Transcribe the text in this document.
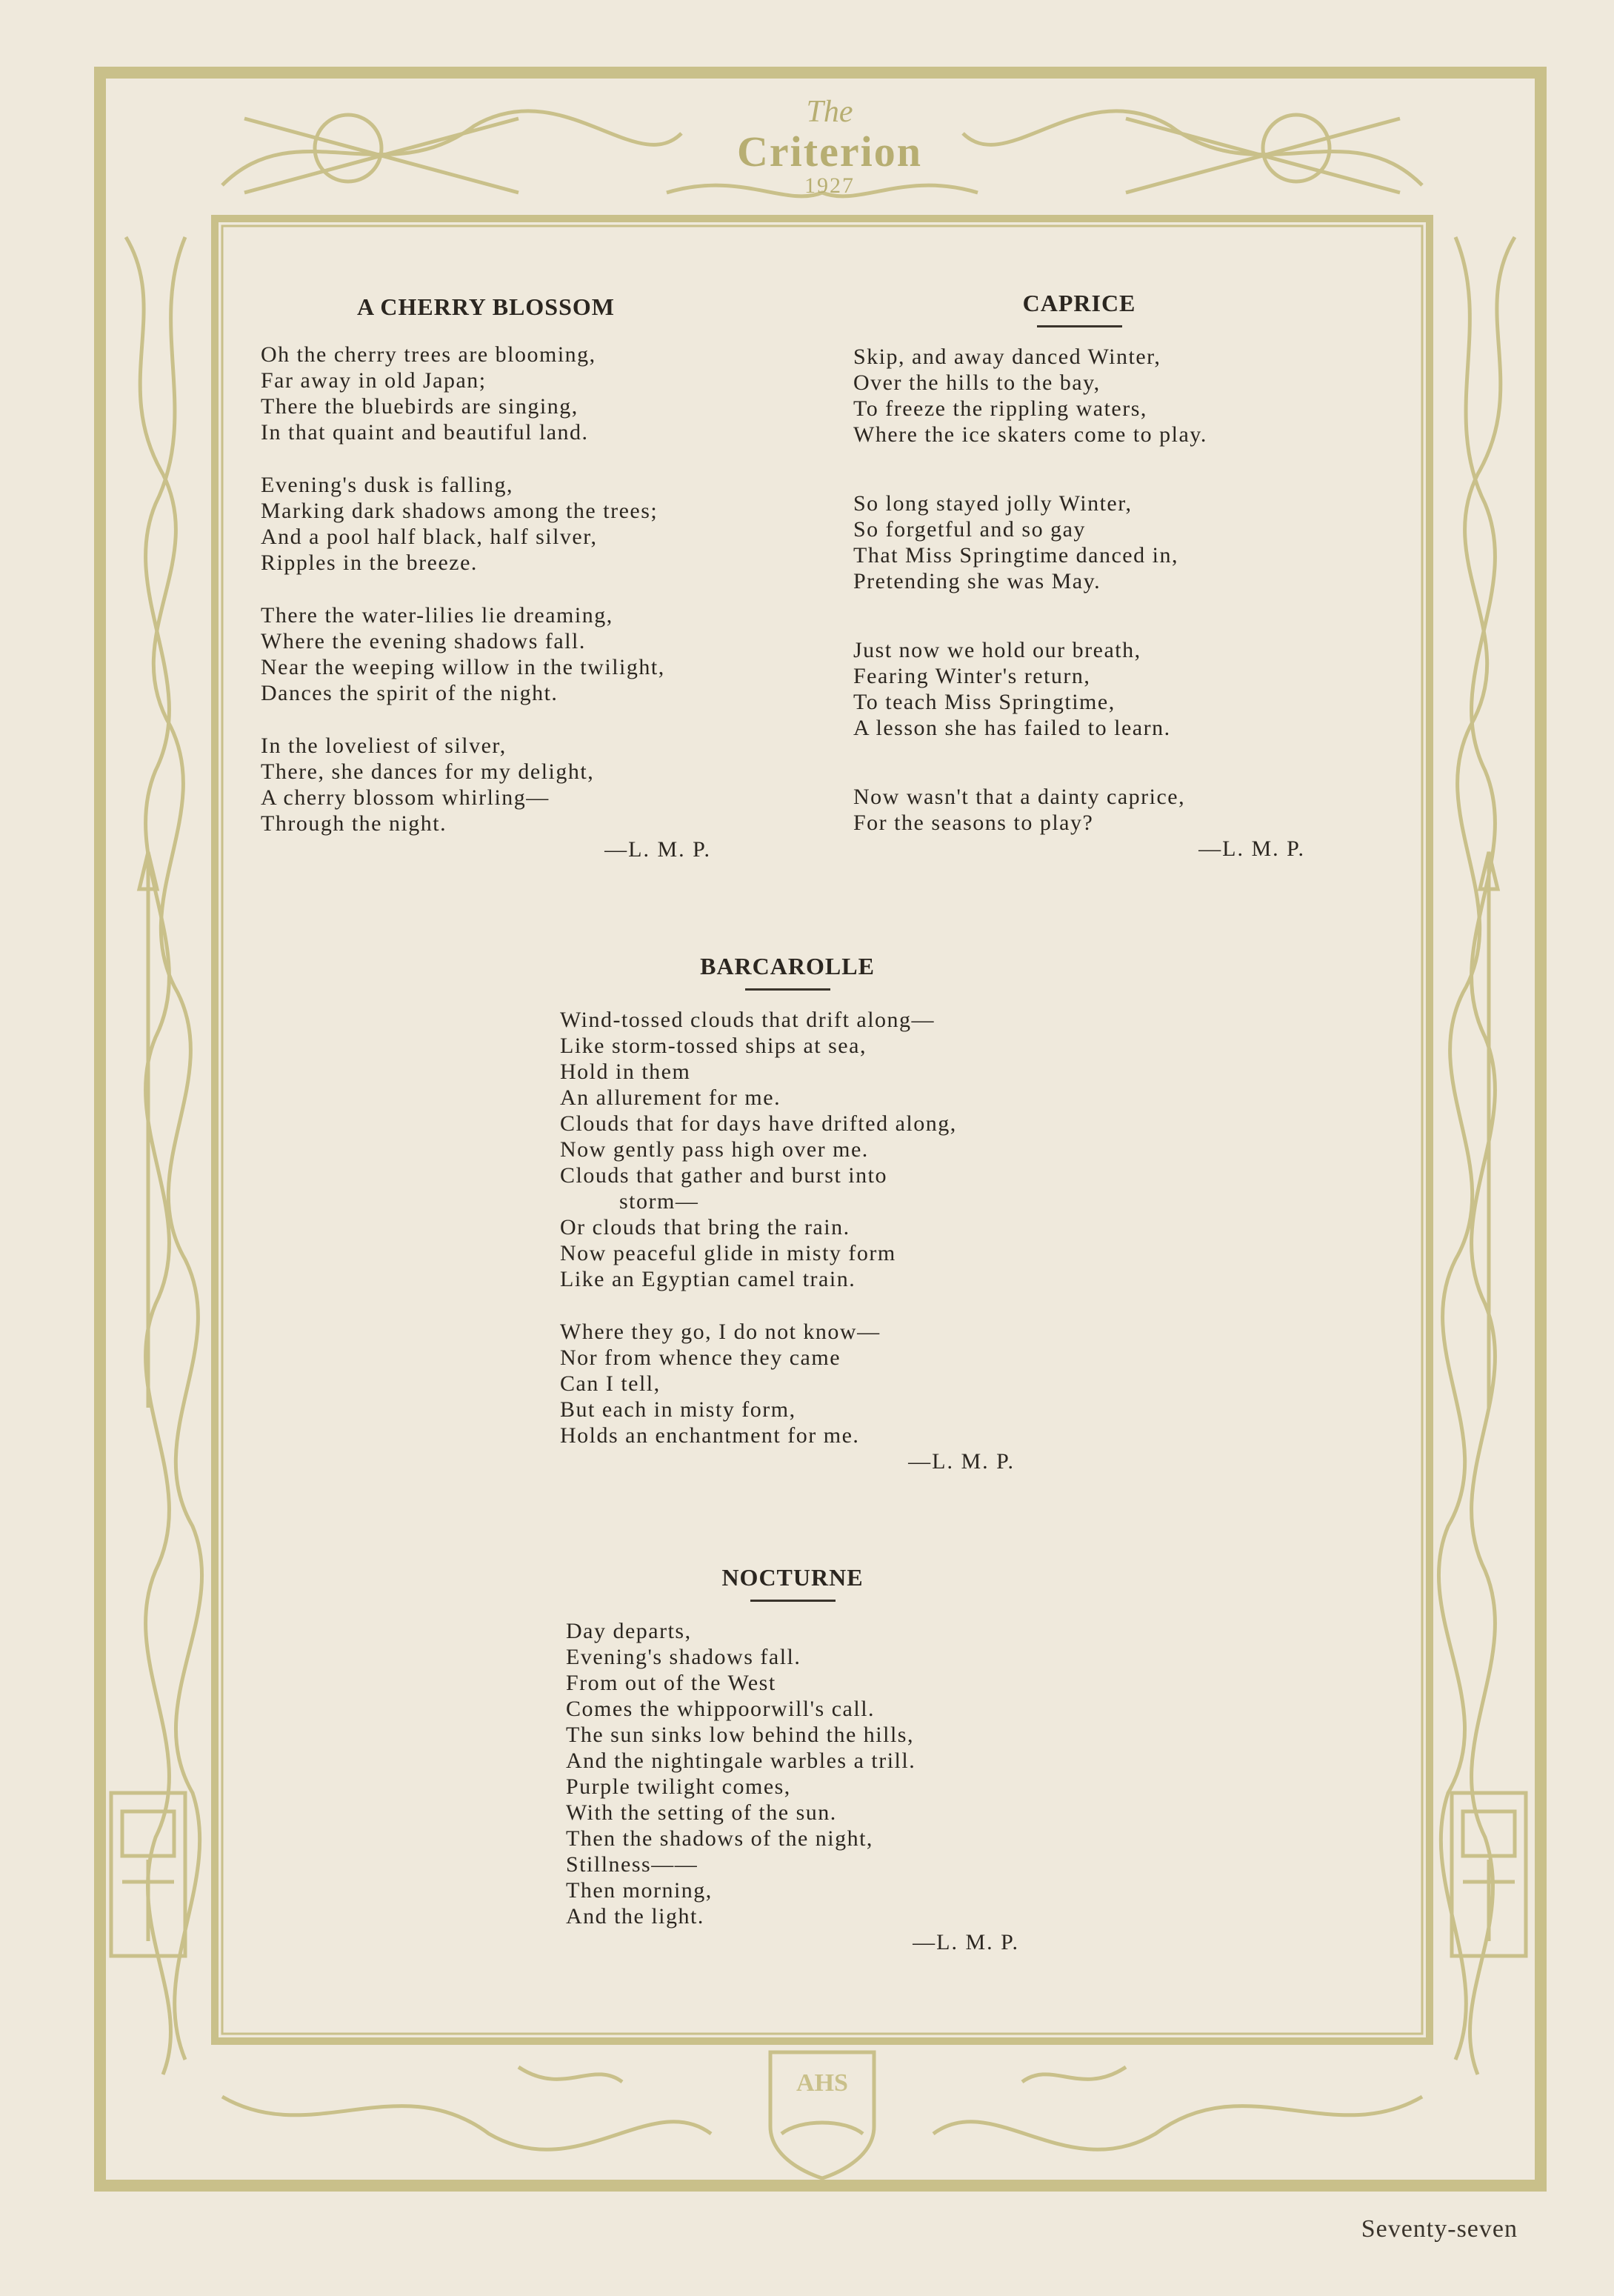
AHS
The
Criterion
1927
A CHERRY BLOSSOM
Oh the cherry trees are blooming,
Far away in old Japan;
There the bluebirds are singing,
In that quaint and beautiful land.
Evening's dusk is falling,
Marking dark shadows among the trees;
And a pool half black, half silver,
Ripples in the breeze.
There the water-lilies lie dreaming,
Where the evening shadows fall.
Near the weeping willow in the twilight,
Dances the spirit of the night.
In the loveliest of silver,
There, she dances for my delight,
A cherry blossom whirling—
Through the night.
—L. M. P.
CAPRICE
Skip, and away danced Winter,
Over the hills to the bay,
To freeze the rippling waters,
Where the ice skaters come to play.
So long stayed jolly Winter,
So forgetful and so gay
That Miss Springtime danced in,
Pretending she was May.
Just now we hold our breath,
Fearing Winter's return,
To teach Miss Springtime,
A lesson she has failed to learn.
Now wasn't that a dainty caprice,
For the seasons to play?
—L. M. P.
BARCAROLLE
Wind-tossed clouds that drift along—
Like storm-tossed ships at sea,
Hold in them
An allurement for me.
Clouds that for days have drifted along,
Now gently pass high over me.
Clouds that gather and burst into
storm—
Or clouds that bring the rain.
Now peaceful glide in misty form
Like an Egyptian camel train.
Where they go, I do not know—
Nor from whence they came
Can I tell,
But each in misty form,
Holds an enchantment for me.
—L. M. P.
NOCTURNE
Day departs,
Evening's shadows fall.
From out of the West
Comes the whippoorwill's call.
The sun sinks low behind the hills,
And the nightingale warbles a trill.
Purple twilight comes,
With the setting of the sun.
Then the shadows of the night,
Stillness——
Then morning,
And the light.
—L. M. P.
Seventy-seven
